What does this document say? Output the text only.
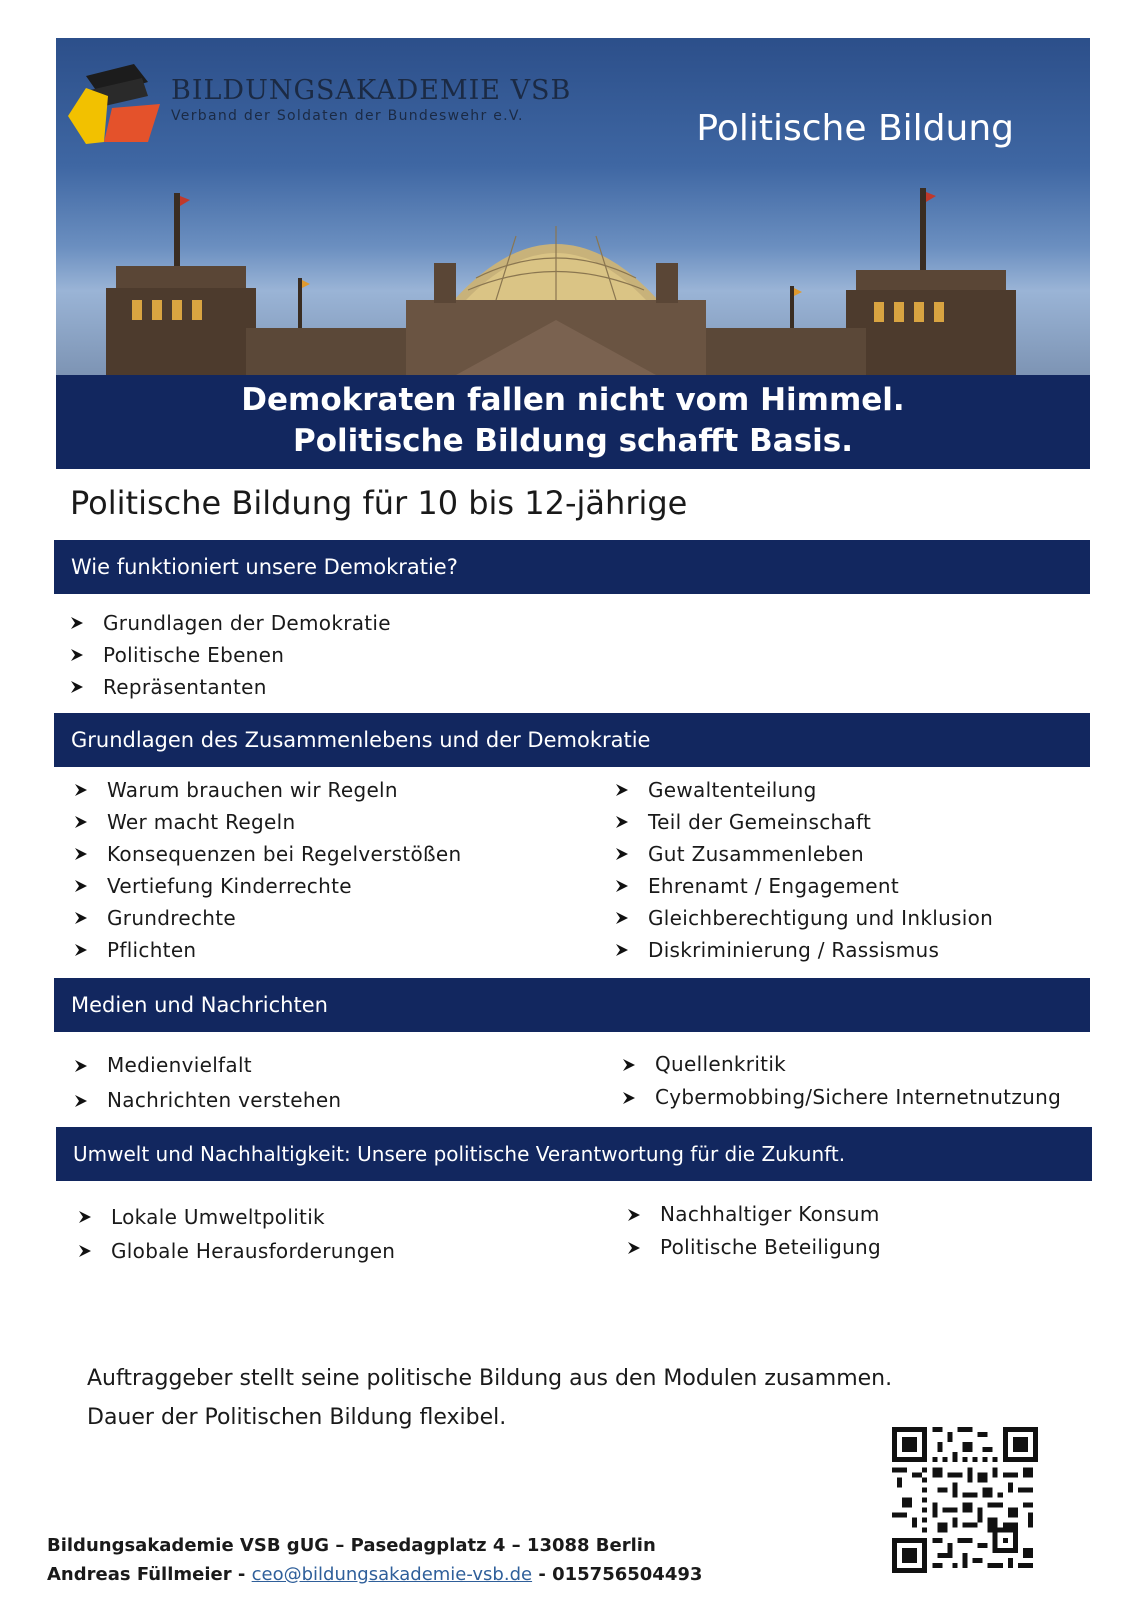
BILDUNGSAKADEMIE VSB
Verband der Soldaten der Bundeswehr e.V.	Politische Bildung
Demokraten fallen nicht vom Himmel.
Politische Bildung schafft Basis.
Politische Bildung für 10 bis 12-jährige
Wie funktioniert unsere Demokratie?
Grundlagen der Demokratie
Politische Ebenen
Repräsentanten
Grundlagen des Zusammenlebens und der Demokratie
Warum brauchen wir Regeln
Wer macht Regeln
Konsequenzen bei Regelverstößen
Vertiefung Kinderrechte
Grundrechte
Pflichten
Gewaltenteilung
Teil der Gemeinschaft
Gut Zusammenleben
Ehrenamt / Engagement
Gleichberechtigung und Inklusion
Diskriminierung / Rassismus
Medien und Nachrichten
Medienvielfalt
Nachrichten verstehen
Quellenkritik
Cybermobbing/Sichere Internetnutzung
Umwelt und Nachhaltigkeit: Unsere politische Verantwortung für die Zukunft.
Lokale Umweltpolitik
Globale Herausforderungen
Nachhaltiger Konsum
Politische Beteiligung
Auftraggeber stellt seine politische Bildung aus den Modulen zusammen.
Dauer der Politischen Bildung flexibel.
Bildungsakademie VSB gUG – Pasedagplatz 4 – 13088 Berlin
Andreas Füllmeier - ceo@bildungsakademie-vsb.de - 015756504493
